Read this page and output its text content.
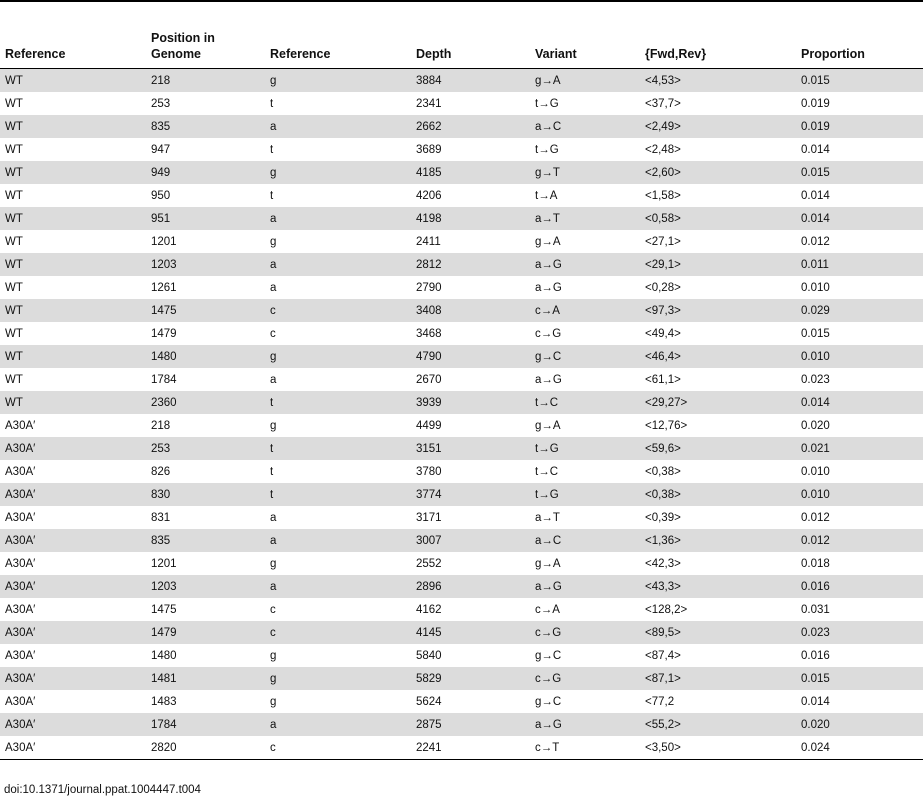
Reference	Position in Genome	Reference	Depth	Variant	{Fwd,Rev}	Proportion
WT	218	g	3884	g→A	<4,53>	0.015
WT	253	t	2341	t→G	<37,7>	0.019
WT	835	a	2662	a→C	<2,49>	0.019
WT	947	t	3689	t→G	<2,48>	0.014
WT	949	g	4185	g→T	<2,60>	0.015
WT	950	t	4206	t→A	<1,58>	0.014
WT	951	a	4198	a→T	<0,58>	0.014
WT	1201	g	2411	g→A	<27,1>	0.012
WT	1203	a	2812	a→G	<29,1>	0.011
WT	1261	a	2790	a→G	<0,28>	0.010
WT	1475	c	3408	c→A	<97,3>	0.029
WT	1479	c	3468	c→G	<49,4>	0.015
WT	1480	g	4790	g→C	<46,4>	0.010
WT	1784	a	2670	a→G	<61,1>	0.023
WT	2360	t	3939	t→C	<29,27>	0.014
A30A′	218	g	4499	g→A	<12,76>	0.020
A30A′	253	t	3151	t→G	<59,6>	0.021
A30A′	826	t	3780	t→C	<0,38>	0.010
A30A′	830	t	3774	t→G	<0,38>	0.010
A30A′	831	a	3171	a→T	<0,39>	0.012
A30A′	835	a	3007	a→C	<1,36>	0.012
A30A′	1201	g	2552	g→A	<42,3>	0.018
A30A′	1203	a	2896	a→G	<43,3>	0.016
A30A′	1475	c	4162	c→A	<128,2>	0.031
A30A′	1479	c	4145	c→G	<89,5>	0.023
A30A′	1480	g	5840	g→C	<87,4>	0.016
A30A′	1481	g	5829	c→G	<87,1>	0.015
A30A′	1483	g	5624	g→C	<77,2	0.014
A30A′	1784	a	2875	a→G	<55,2>	0.020
A30A′	2820	c	2241	c→T	<3,50>	0.024
doi:10.1371/journal.ppat.1004447.t004
